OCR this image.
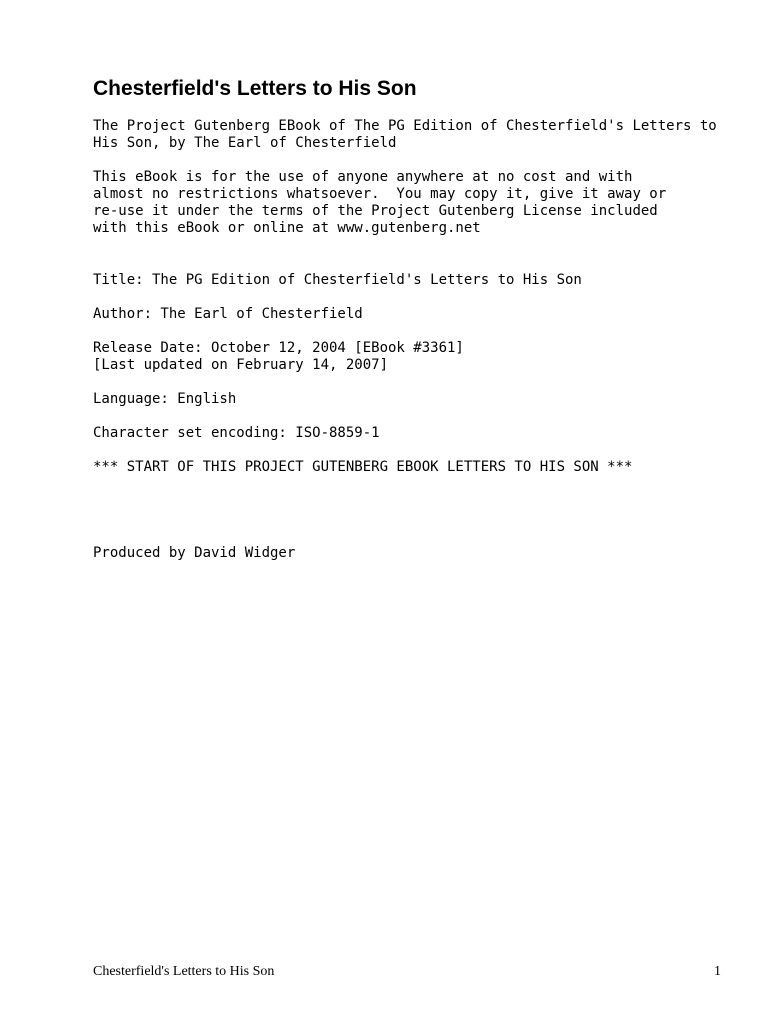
Chesterfield's Letters to His Son
The Project Gutenberg EBook of The PG Edition of Chesterfield's Letters to
His Son, by The Earl of Chesterfield
This eBook is for the use of anyone anywhere at no cost and with
almost no restrictions whatsoever.  You may copy it, give it away or
re-use it under the terms of the Project Gutenberg License included
with this eBook or online at www.gutenberg.net
Title: The PG Edition of Chesterfield's Letters to His Son
Author: The Earl of Chesterfield
Release Date: October 12, 2004 [EBook #3361]
[Last updated on February 14, 2007]
Language: English
Character set encoding: ISO-8859-1
*** START OF THIS PROJECT GUTENBERG EBOOK LETTERS TO HIS SON ***
Produced by David Widger
Chesterfield's Letters to His Son	1
